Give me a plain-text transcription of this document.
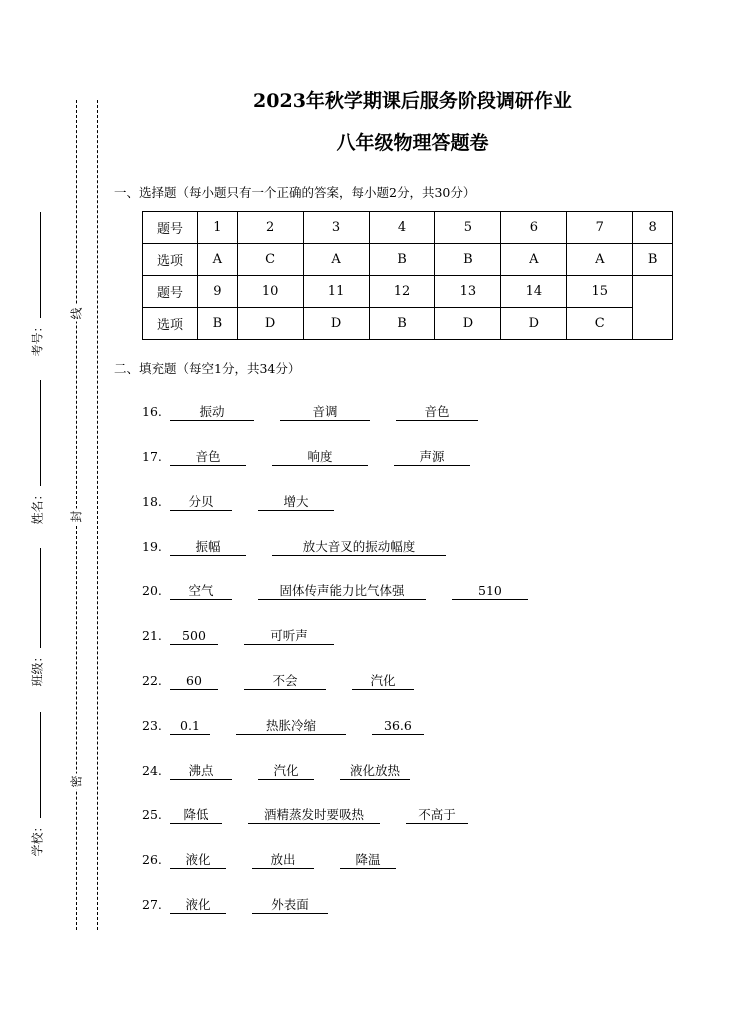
考号：
姓名：
班级：
学校：
线
封
密
2023年秋学期课后服务阶段调研作业
八年级物理答题卷
一、选择题（每小题只有一个正确的答案，每小题2分，共30分）
题号	1	2	3	4	5	6	7	8
选项	A	C	A	B	B	A	A	B
题号	9	10	11	12	13	14	15	
选项	B	D	D	B	D	D	C	
二、填充题（每空1分，共34分）
16.	振动	音调	音色
17.	音色	响度	声源
18. 分贝	增大
19.	振幅	放大音叉的振动幅度
20. 空气	固体传声能力比气体强	510
21. 500	可听声
22. 60	不会	汽化
23. 0.1	热胀冷缩	36.6
24. 沸点	汽化	液化放热
25. 降低	酒精蒸发时要吸热	不高于
26. 液化	放出	降温
27. 液化	外表面
